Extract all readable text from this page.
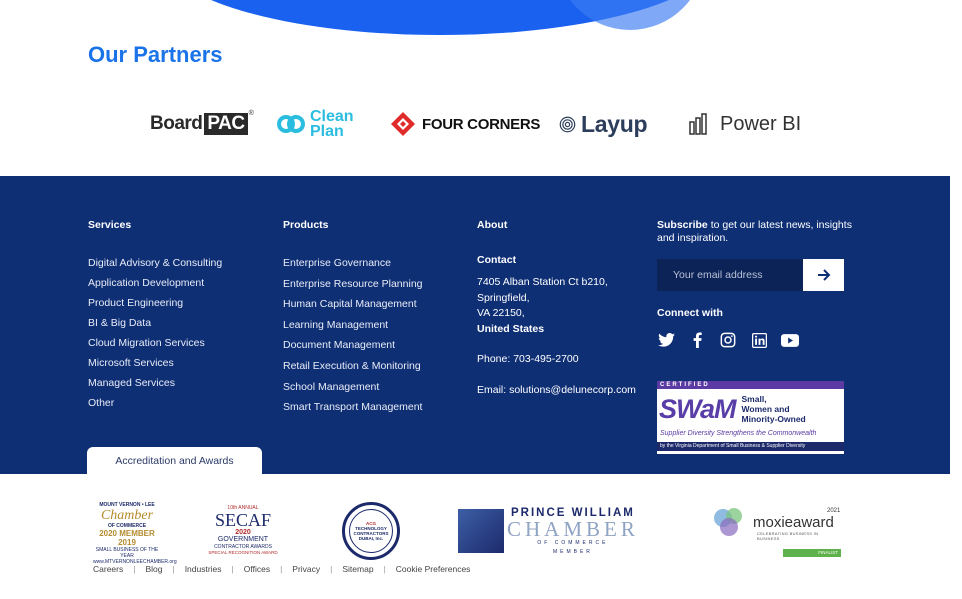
Our Partners
Board PAC ®	Clean
Plan	FOUR CORNERS Layup	Power BI
Services
Digital Advisory & Consulting
Application Development
Product Engineering
BI & Big Data
Cloud Migration Services
Microsoft Services
Managed Services
Other
Products
Enterprise Governance
Enterprise Resource Planning
Human Capital Management
Learning Management
Document Management
Retail Execution & Monitoring
School Management
Smart Transport Management
About
Contact
7405 Alban Station Ct b210,
Springfield,
VA 22150,
United States
Phone: 703-495-2700
Email: solutions@delunecorp.com
Subscribe to get our latest news, insights and inspiration.
Your email address
Connect with
CERTIFIED
SWaM Small,
Women and
Minority-Owned
Supplier Diversity Strengthens the Commonwealth
by the Virginia Department of Small Business & Supplier Diversity
Accreditation and Awards
MOUNT VERNON • LEE
Chamber
OF COMMERCE
2020 MEMBER
2019
SMALL BUSINESS OF THE YEAR
www.MTVERNONLEECHAMBER.org
10th ANNUAL
SECAF
2020
GOVERNMENT
CONTRACTOR AWARDS
SPECIAL RECOGNITION AWARD
ACG
TECHNOLOGY
CONTRACTORS
DUBAI, Inc.
PRINCE WILLIAM
CHAMBER
OF COMMERCE
MEMBER
2021
moxieaward
CELEBRATING BUSINESS IN BUSINESS
FINALIST
Careers | Blog | Industries | Offices | Privacy | Sitemap | Cookie Preferences
